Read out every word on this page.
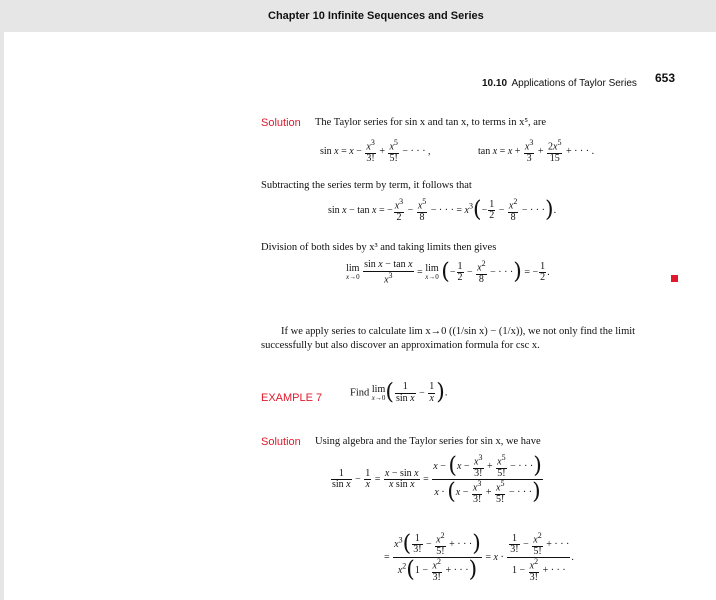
Chapter 10 Infinite Sequences and Series
10.10 Applications of Taylor Series 653
Solution The Taylor series for sin x and tan x, to terms in x⁵, are
$\sin x = x - \frac{x^3}{3!} + \frac{x^5}{5!}$ − · · · ,	$\tan x = x + \frac{x^3}{3} + \frac{2x^5}{15}$ + · · · .
Subtracting the series term by term, it follows that
sin x − tan x = − $\frac{x^3}{2} - \frac{x^5}{8}$ − · · · = $x^3(- \frac{1}{2} - \frac{x^2}{8}$ − · · ·).
Division of both sides by x³ and taking limits then gives
lim
x→0
$\frac{\text{sin x − tan x}}{x^3} = \lim$
x→0 (− $\frac{1}{2} - \frac{x^2}{8}$ − · · ·) = − $\frac{1}{2}$ .
If we apply series to calculate lim x→0 ((1/sin x) − (1/x)), we not only find the limit successfully but also discover an approximation formula for csc x.
EXAMPLE 7	Find lim
x→0 ( $\frac{1}{\text{sin x}} - \frac{1}{x}$ ).
Solution Using algebra and the Taylor series for sin x, we have
$\frac{1}{\text{sin x}} - \frac{1}{x} = \frac{\text{x − sin x}}{\text{x sin x}} = \frac{x - (x - \frac{x^3}{3!} + \frac{x^5}{5!} - \cdot \cdot \cdot)}{x \cdot (x - \frac{x^3}{3!} + \frac{x^5}{5!} - \cdot \cdot \cdot)}$
= $\frac{x^3( \frac{1}{3!} - \frac{x^2}{5!} + \cdot \cdot \cdot)}{x^2(1 - \frac{x^2}{3!} + \cdot \cdot \cdot)} = x \cdot \frac{\frac{1}{3!} - \frac{x^2}{5!} + \cdot \cdot \cdot}{1 - \frac{x^2}{3!} + \cdot \cdot \cdot}$ .
